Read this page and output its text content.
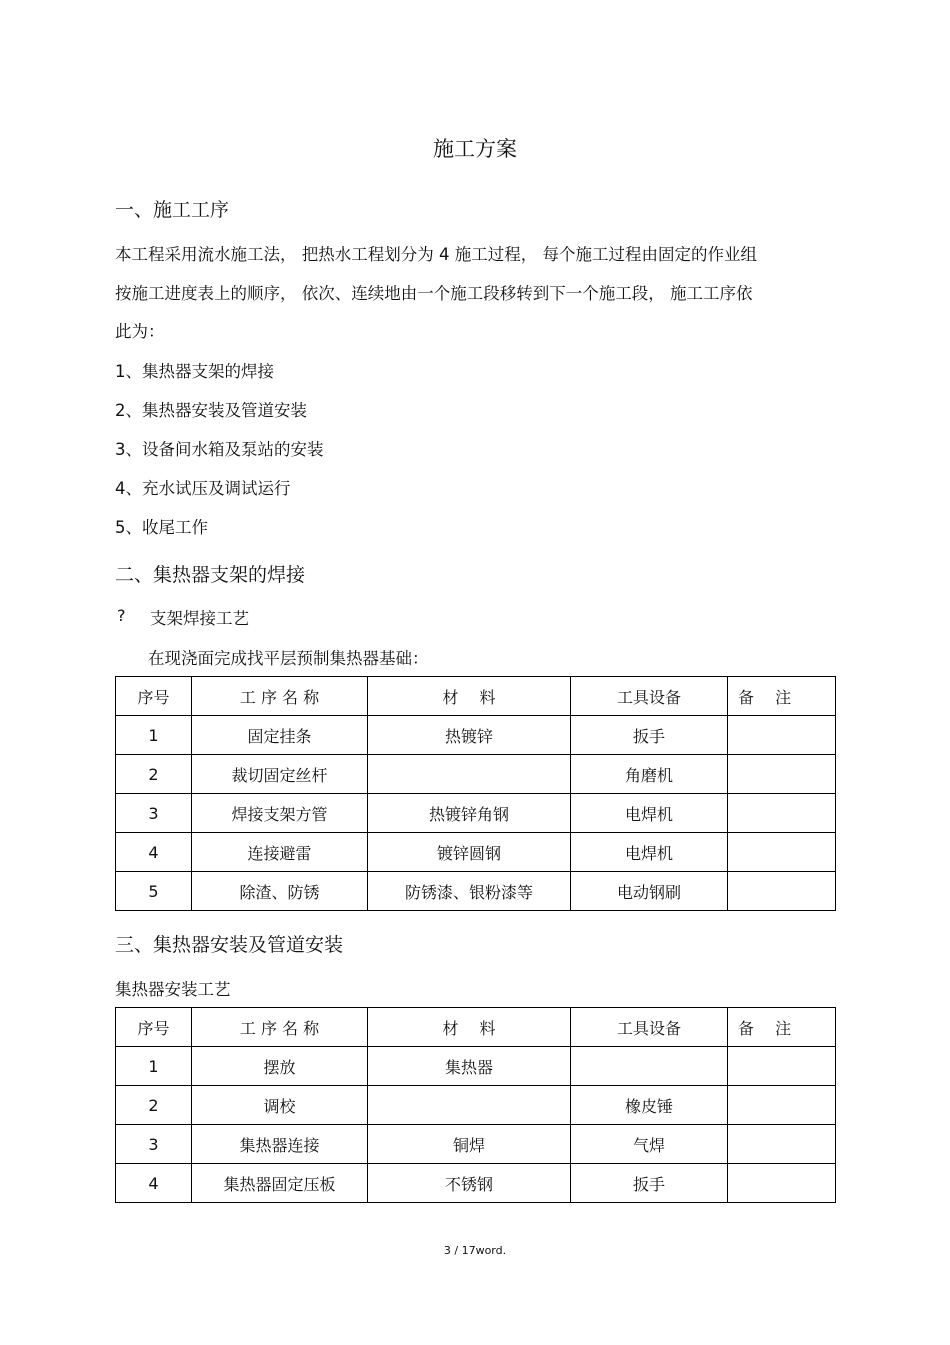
施工方案
一、施工工序
本工程采用流水施工法， 把热水工程划分为 4 施工过程， 每个施工过程由固定的作业组
按施工进度表上的顺序， 依次、连续地由一个施工段移转到下一个施工段， 施工工序依
此为：
1、集热器支架的焊接
2、集热器安装及管道安装
3、设备间水箱及泵站的安装
4、充水试压及调试运行
5、收尾工作
二、集热器支架的焊接
? 支架焊接工艺
在现浇面完成找平层预制集热器基础：
序号	工 序 名 称	材　 料	工具设备	备　 注
1	固定挂条	热镀锌	扳手	
2	裁切固定丝杆		角磨机	
3	焊接支架方管	热镀锌角钢	电焊机	
4	连接避雷	镀锌圆钢	电焊机	
5	除渣、防锈	防锈漆、银粉漆等	电动钢刷	
三、集热器安装及管道安装
集热器安装工艺
序号	工 序 名 称	材　 料	工具设备	备　 注
1	摆放	集热器		
2	调校		橡皮锤	
3	集热器连接	铜焊	气焊	
4	集热器固定压板	不锈钢	扳手	
3 / 17word.
